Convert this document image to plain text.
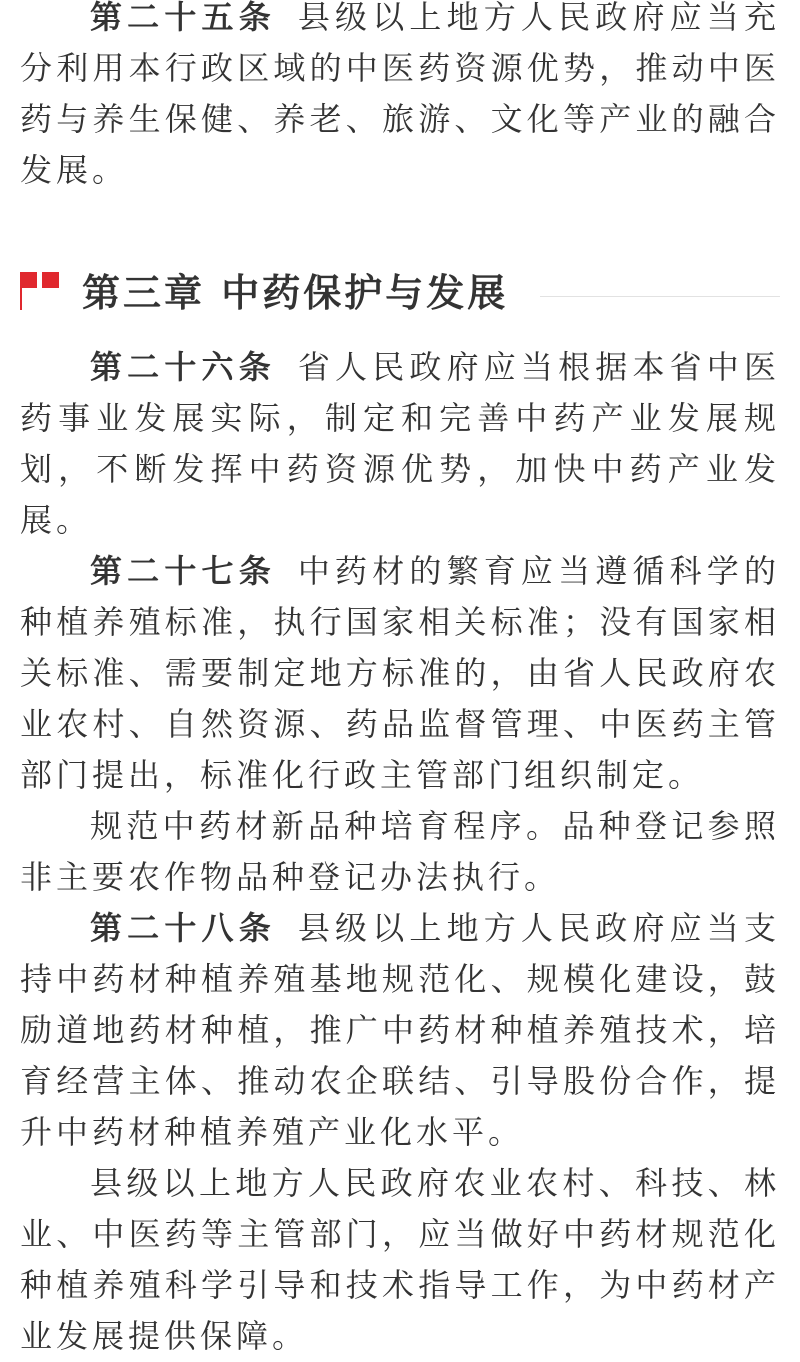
第二十五条 县级以上地方人民政府应当充分利用本行政区域的中医药资源优势，推动中医药与养生保健、养老、旅游、文化等产业的融合发展。

第三章 中药保护与发展

第二十六条 省人民政府应当根据本省中医药事业发展实际，制定和完善中药产业发展规划，不断发挥中药资源优势，加快中药产业发展。

第二十七条 中药材的繁育应当遵循科学的种植养殖标准，执行国家相关标准；没有国家相关标准、需要制定地方标准的，由省人民政府农业农村、自然资源、药品监督管理、中医药主管部门提出，标准化行政主管部门组织制定。

规范中药材新品种培育程序。品种登记参照非主要农作物品种登记办法执行。

第二十八条 县级以上地方人民政府应当支持中药材种植养殖基地规范化、规模化建设，鼓励道地药材种植，推广中药材种植养殖技术，培育经营主体、推动农企联结、引导股份合作，提升中药材种植养殖产业化水平。

县级以上地方人民政府农业农村、科技、林业、中医药等主管部门，应当做好中药材规范化种植养殖科学引导和技术指导工作，为中药材产业发展提供保障。
